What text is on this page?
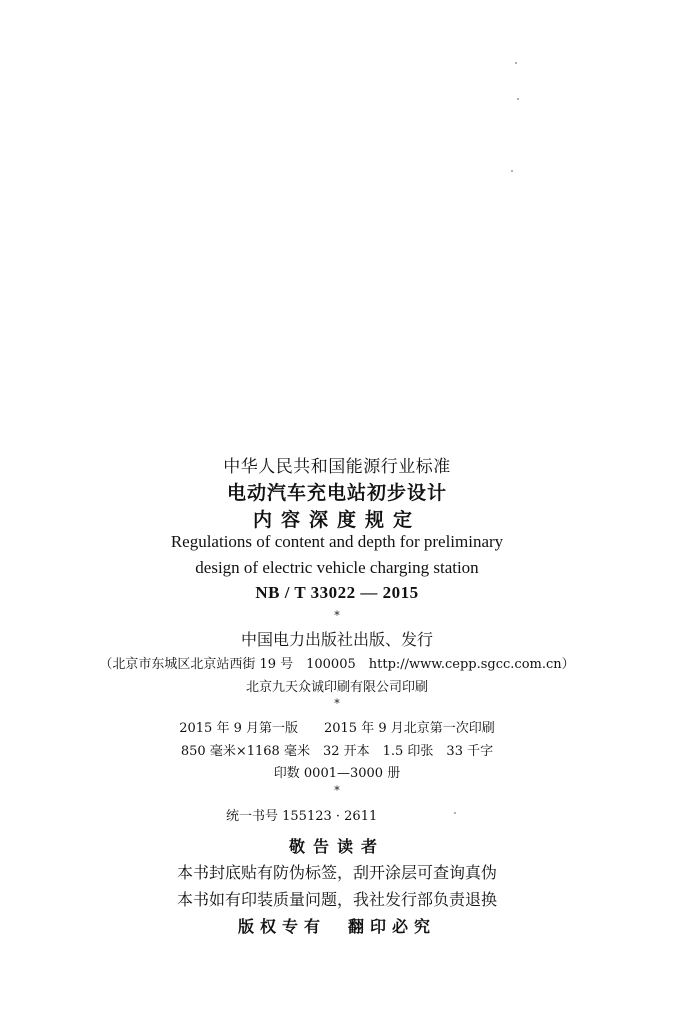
中华人民共和国能源行业标准
电动汽车充电站初步设计
内容深度规定
Regulations of content and depth for preliminary
design of electric vehicle charging station
NB / T 33022 — 2015
*
中国电力出版社出版、发行
（北京市东城区北京站西街 19 号　100005　http://www.cepp.sgcc.com.cn）
北京九天众诚印刷有限公司印刷
*
2015 年 9 月第一版　　2015 年 9 月北京第一次印刷
850 毫米×1168 毫米　32 开本　1.5 印张　33 千字
印数 0001—3000 册
*
统一书号 155123 · 2611
敬告读者
本书封底贴有防伪标签，刮开涂层可查询真伪
本书如有印装质量问题，我社发行部负责退换
版权专有　翻印必究
